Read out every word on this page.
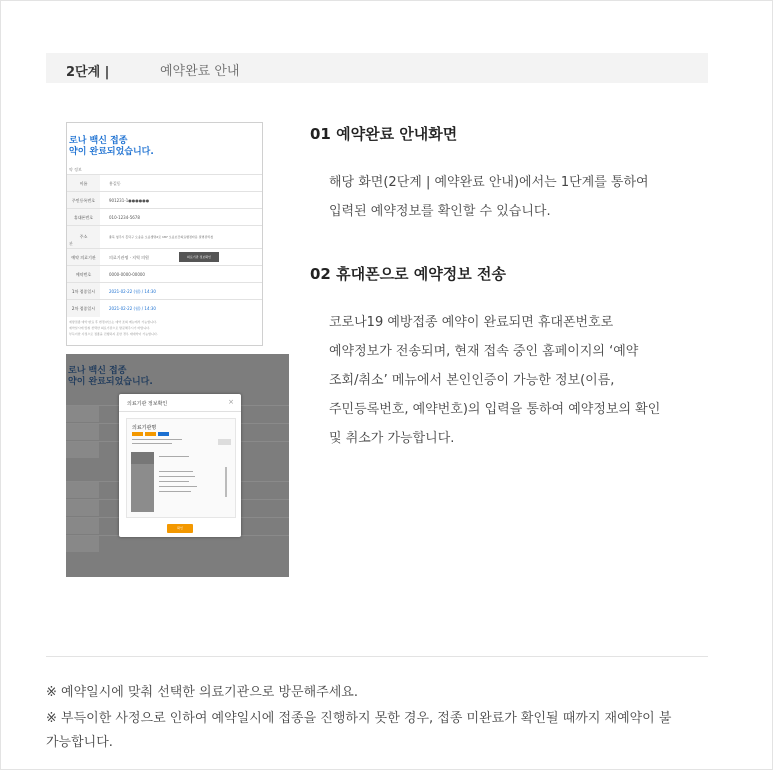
2단계 |	예약완료 안내
로나 백신 접종
약이 완료되었습니다.
약 정보
이름	홍길동
주민등록번호	901231-1●●●●●●
휴대폰번호	010-1234-5678
주소	충북 청주시 흥덕구 오송읍 오송생명2로 187 오송보건의료행정타운 질병관리청
관
예약 의료기관	의료기관명 · 지역 의원	의료기관 정보확인
예약번호	0000-0000-00000
1차 접종일시	2021-02-22 (월) / 14:30
2차 접종일시	2021-02-22 (월) / 14:30
예방접종 예약 완료 후 변경/취소는 예약 조회 메뉴에서 가능합니다.
예약일시에 맞춰 선택한 의료기관으로 방문해주시기 바랍니다.
부득이한 사정으로 접종을 진행하지 못한 경우 재예약이 가능합니다.
로나 백신 접종
약이 완료되었습니다.
의료기관 정보확인	×
의료기관명
확인
01 예약완료 안내화면
해당 화면(2단계 | 예약완료 안내)에서는 1단계를 통하여
입력된 예약정보를 확인할 수 있습니다.
02 휴대폰으로 예약정보 전송
코로나19 예방접종 예약이 완료되면 휴대폰번호로
예약정보가 전송되며, 현재 접속 중인 홈페이지의 ‘예약
조회/취소’ 메뉴에서 본인인증이 가능한 정보(이름,
주민등록번호, 예약번호)의 입력을 통하여 예약정보의 확인
및 취소가 가능합니다.
※ 예약일시에 맞춰 선택한 의료기관으로 방문해주세요.
※ 부득이한 사정으로 인하여 예약일시에 접종을 진행하지 못한 경우, 접종 미완료가 확인될 때까지 재예약이 불
가능합니다.
